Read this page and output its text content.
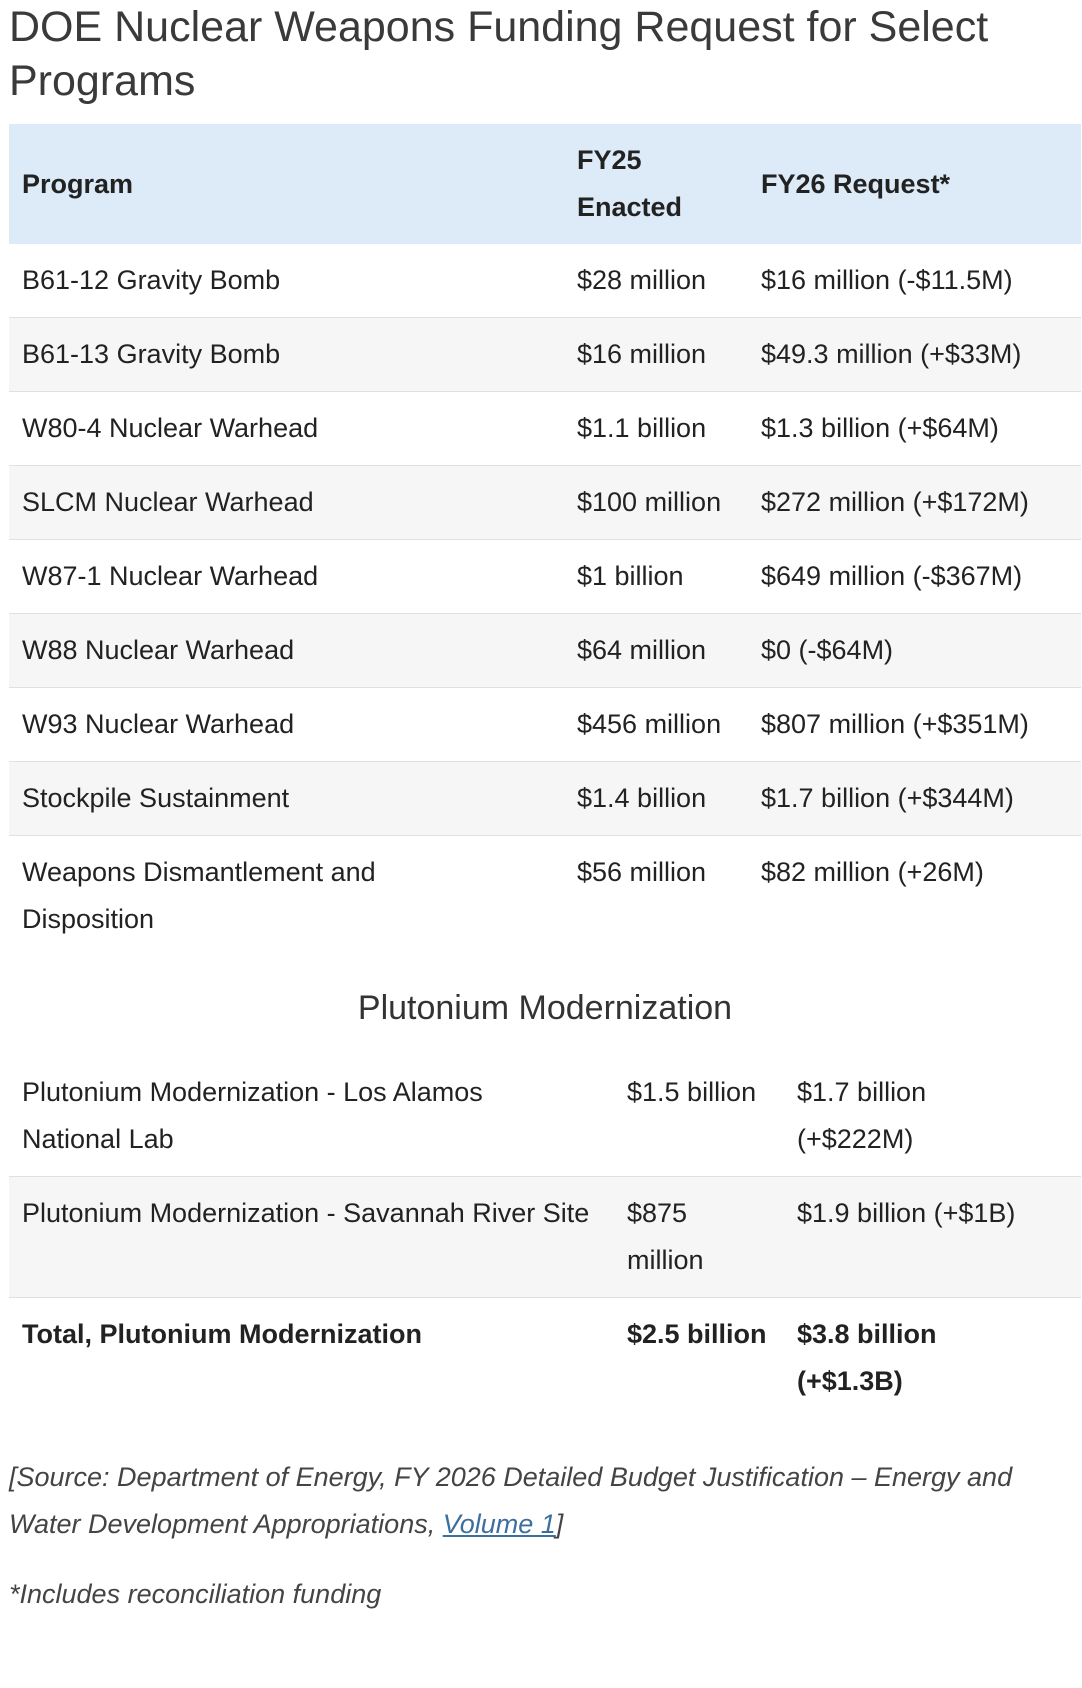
DOE Nuclear Weapons Funding Request for Select Programs
Program	FY25 Enacted	FY26 Request*
B61-12 Gravity Bomb	$28 million	$16 million (-$11.5M)
B61-13 Gravity Bomb	$16 million	$49.3 million (+$33M)
W80-4 Nuclear Warhead	$1.1 billion	$1.3 billion (+$64M)
SLCM Nuclear Warhead	$100 million	$272 million (+$172M)
W87-1 Nuclear Warhead	$1 billion	$649 million (-$367M)
W88 Nuclear Warhead	$64 million	$0 (-$64M)
W93 Nuclear Warhead	$456 million	$807 million (+$351M)
Stockpile Sustainment	$1.4 billion	$1.7 billion (+$344M)
Weapons Dismantlement and Disposition	$56 million	$82 million (+26M)
Plutonium Modernization
Plutonium Modernization - Los Alamos National Lab	$1.5 billion	$1.7 billion (+$222M)
Plutonium Modernization - Savannah River Site	$875 million	$1.9 billion (+$1B)
Total, Plutonium Modernization	$2.5 billion	$3.8 billion (+$1.3B)
[Source: Department of Energy, FY 2026 Detailed Budget Justification – Energy and Water Development Appropriations, Volume 1]
*Includes reconciliation funding
